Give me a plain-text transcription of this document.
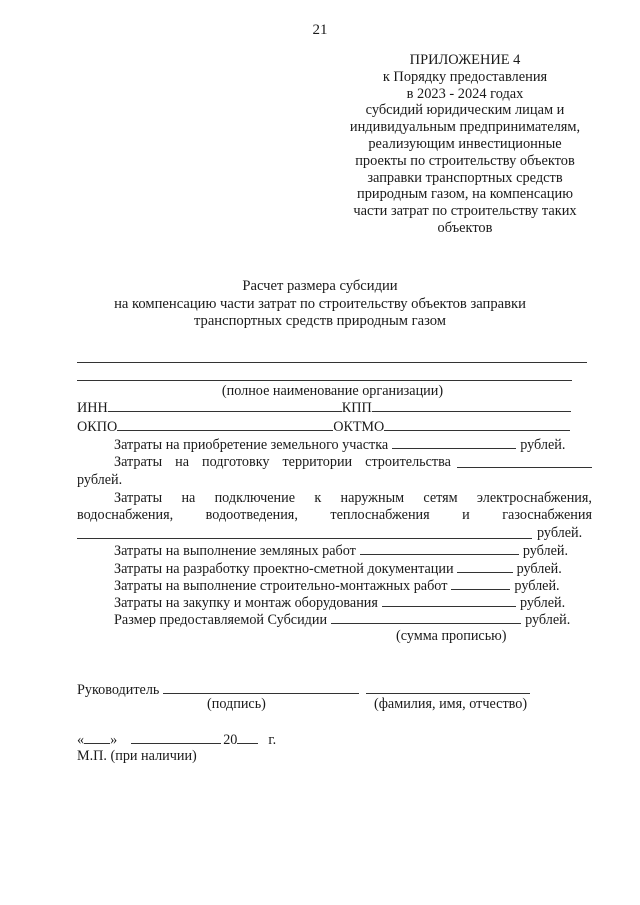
21
ПРИЛОЖЕНИЕ 4
к Порядку предоставления
в 2023 - 2024 годах
субсидий юридическим лицам и
индивидуальным предпринимателям,
реализующим инвестиционные
проекты по строительству объектов
заправки транспортных средств
природным газом, на компенсацию
части затрат по строительству таких
объектов
Расчет размера субсидии
на компенсацию части затрат по строительству объектов заправки
транспортных средств природным газом
(полное наименование организации)
ИНН	КПП
ОКПО	ОКТМО
Затраты на приобретение земельного участка	рублей.
Затраты на подготовку территории строительства
рублей.
Затраты на подключение к наружным сетям электроснабжения,
водоснабжения, водоотведения, теплоснабжения и газоснабжения
рублей.
Затраты на выполнение земляных работ	рублей.
Затраты на разработку проектно-сметной документации	рублей.
Затраты на выполнение строительно-монтажных работ	рублей.
Затраты на закупку и монтаж оборудования	рублей.
Размер предоставляемой Субсидии	рублей.
(сумма прописью)
Руководитель
(подпись)	(фамилия, имя, отчество)
« »	20 г.
М.П. (при наличии)
